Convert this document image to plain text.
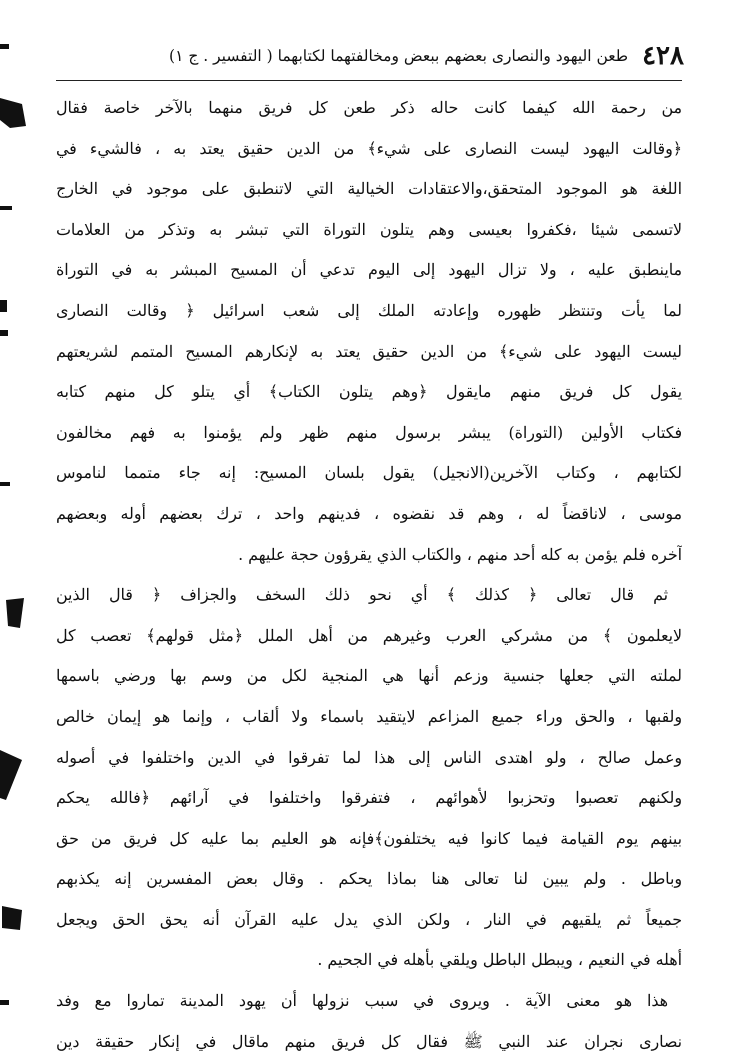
٤٢٨
طعن اليهود والنصارى بعضهم ببعض ومخالفتهما لكتابهما ( التفسير . ج ١)
من رحمة الله كيفما كانت حاله ذكر طعن كل فريق منهما بالآخر خاصة فقال
﴿وقالت اليهود ليست النصارى على شيء﴾ من الدين حقيق يعتد به ، فالشيء في
اللغة هو الموجود المتحقق،والاعتقادات الخيالية التي لاتنطبق على موجود في الخارج
لاتسمى شيئا ،فكفروا بعيسى وهم يتلون التوراة التي تبشر به وتذكر من العلامات
ماينطبق عليه ، ولا تزال اليهود إلى اليوم تدعي أن المسيح المبشر به في التوراة
لما يأت وتنتظر ظهوره وإعادته الملك إلى شعب اسرائيل ﴿ وقالت النصارى
ليست اليهود على شيء﴾ من الدين حقيق يعتد به لإنكارهم المسيح المتمم لشريعتهم
يقول كل فريق منهم مايقول ﴿وهم يتلون الكتاب﴾ أي يتلو كل منهم كتابه
فكتاب الأولين (التوراة) يبشر برسول منهم ظهر ولم يؤمنوا به فهم مخالفون
لكتابهم ، وكتاب الآخرين(الانجيل) يقول بلسان المسيح: إنه جاء متمما لناموس
موسى ، لاناقضاً له ، وهم قد نقضوه ، فدينهم واحد ، ترك بعضهم أوله وبعضهم
آخره فلم يؤمن به كله أحد منهم ، والكتاب الذي يقرؤون حجة عليهم .
ثم قال تعالى ﴿ كذلك ﴾ أي نحو ذلك السخف والجزاف ﴿ قال الذين
لايعلمون ﴾ من مشركي العرب وغيرهم من أهل الملل ﴿مثل قولهم﴾ تعصب كل
لملته التي جعلها جنسية وزعم أنها هي المنجية لكل من وسم بها ورضي باسمها
ولقبها ، والحق وراء جميع المزاعم لايتقيد باسماء ولا ألقاب ، وإنما هو إيمان خالص
وعمل صالح ، ولو اهتدى الناس إلى هذا لما تفرقوا في الدين واختلفوا في أصوله
ولكنهم تعصبوا وتحزبوا لأهوائهم ، فتفرقوا واختلفوا في آرائهم ﴿فالله يحكم
بينهم يوم القيامة فيما كانوا فيه يختلفون﴾فإنه هو العليم بما عليه كل فريق من حق
وباطل . ولم يبين لنا تعالى هنا بماذا يحكم . وقال بعض المفسرين إنه يكذبهم
جميعاً ثم يلقيهم في النار ، ولكن الذي يدل عليه القرآن أنه يحق الحق ويجعل
أهله في النعيم ، ويبطل الباطل ويلقي بأهله في الجحيم .
هذا هو معنى الآية . ويروى في سبب نزولها أن يهود المدينة تماروا مع وفد
نصارى نجران عند النبي ﷺ فقال كل فريق منهم ماقال في إنكار حقيقة دين
